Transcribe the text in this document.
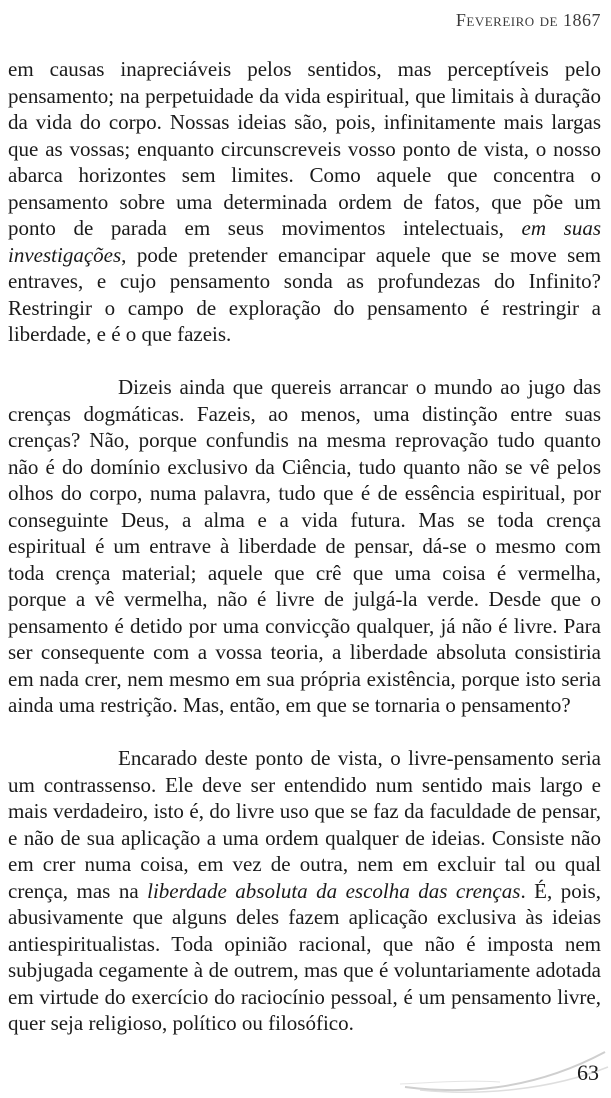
Fevereiro de 1867

em causas inapreciáveis pelos sentidos, mas perceptíveis pelo pensamento; na perpetuidade da vida espiritual, que limitais à duração da vida do corpo. Nossas ideias são, pois, infinitamente mais largas que as vossas; enquanto circunscreveis vosso ponto de vista, o nosso abarca horizontes sem limites. Como aquele que concentra o pensamento sobre uma determinada ordem de fatos, que põe um ponto de parada em seus movimentos intelectuais, em suas investigações, pode pretender emancipar aquele que se move sem entraves, e cujo pensamento sonda as profundezas do Infinito? Restringir o campo de exploração do pensamento é restringir a liberdade, e é o que fazeis.

Dizeis ainda que quereis arrancar o mundo ao jugo das crenças dogmáticas. Fazeis, ao menos, uma distinção entre suas crenças? Não, porque confundis na mesma reprovação tudo quanto não é do domínio exclusivo da Ciência, tudo quanto não se vê pelos olhos do corpo, numa palavra, tudo que é de essência espiritual, por conseguinte Deus, a alma e a vida futura. Mas se toda crença espiritual é um entrave à liberdade de pensar, dá-se o mesmo com toda crença material; aquele que crê que uma coisa é vermelha, porque a vê vermelha, não é livre de julgá-la verde. Desde que o pensamento é detido por uma convicção qualquer, já não é livre. Para ser consequente com a vossa teoria, a liberdade absoluta consistiria em nada crer, nem mesmo em sua própria existência, porque isto seria ainda uma restrição. Mas, então, em que se tornaria o pensamento?

Encarado deste ponto de vista, o livre-pensamento seria um contrassenso. Ele deve ser entendido num sentido mais largo e mais verdadeiro, isto é, do livre uso que se faz da faculdade de pensar, e não de sua aplicação a uma ordem qualquer de ideias. Consiste não em crer numa coisa, em vez de outra, nem em excluir tal ou qual crença, mas na liberdade absoluta da escolha das crenças. É, pois, abusivamente que alguns deles fazem aplicação exclusiva às ideias antiespiritualistas. Toda opinião racional, que não é imposta nem subjugada cegamente à de outrem, mas que é voluntariamente adotada em virtude do exercício do raciocínio pessoal, é um pensamento livre, quer seja religioso, político ou filosófico.

63
